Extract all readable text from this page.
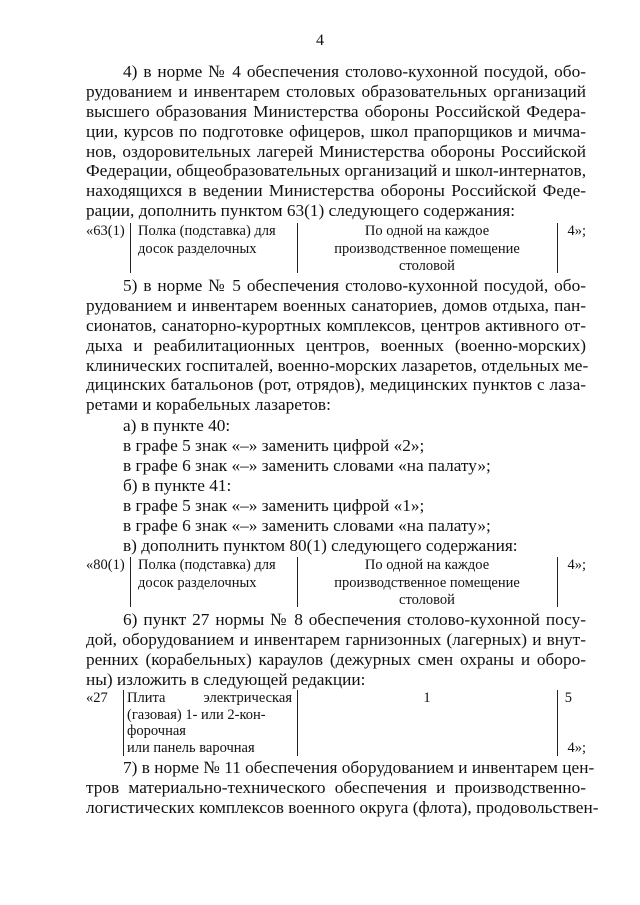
4
4) в норме № 4 обеспечения столово-кухонной посудой, обо-
рудованием и инвентарем столовых образовательных организаций
высшего образования Министерства обороны Российской Федера-
ции, курсов по подготовке офицеров, школ прапорщиков и мичма-
нов, оздоровительных лагерей Министерства обороны Российской
Федерации, общеобразовательных организаций и школ-интернатов,
находящихся в ведении Министерства обороны Российской Феде-
рации, дополнить пунктом 63(1) следующего содержания:
«63(1) Полка (подставка) для
досок разделочных
По одной на каждое
производственное помещение
столовой
4»;
5) в норме № 5 обеспечения столово-кухонной посудой, обо-
рудованием и инвентарем военных санаториев, домов отдыха, пан-
сионатов, санаторно-курортных комплексов, центров активного от-
дыха и реабилитационных центров, военных (военно-морских)
клинических госпиталей, военно-морских лазаретов, отдельных ме-
дицинских батальонов (рот, отрядов), медицинских пунктов с лаза-
ретами и корабельных лазаретов:
а) в пункте 40:
в графе 5 знак «–» заменить цифрой «2»;
в графе 6 знак «–» заменить словами «на палату»;
б) в пункте 41:
в графе 5 знак «–» заменить цифрой «1»;
в графе 6 знак «–» заменить словами «на палату»;
в) дополнить пунктом 80(1) следующего содержания:
«80(1) Полка (подставка) для
досок разделочных
По одной на каждое
производственное помещение
столовой
4»;
6) пункт 27 нормы № 8 обеспечения столово-кухонной посу-
дой, оборудованием и инвентарем гарнизонных (лагерных) и внут-
ренних (корабельных) караулов (дежурных смен охраны и оборо-
ны) изложить в следующей редакции:
«27 Плита электрическая
(газовая) 1- или 2-кон-
форочная
или панель варочная
1	5
4»;
7) в норме № 11 обеспечения оборудованием и инвентарем цен-
тров материально-технического обеспечения и производственно-
логистических комплексов военного округа (флота), продовольствен-
